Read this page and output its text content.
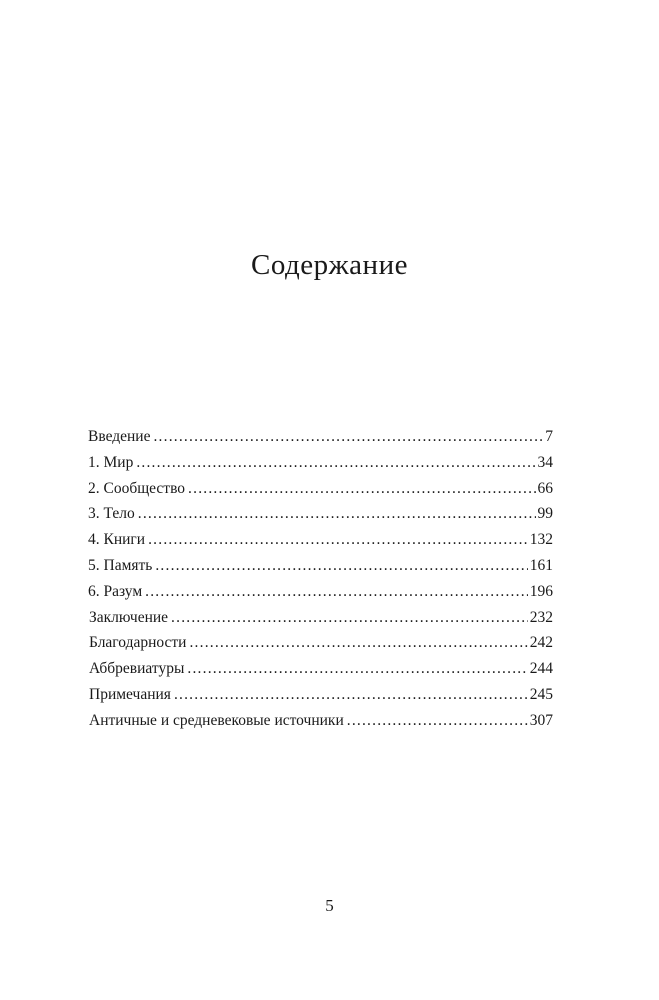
Содержание
Введение .....	7
1. Мир .....	34
2. Сообщество .....	66
3. Тело .....	99
4. Книги .....	132
5. Память .....	161
6. Разум .....	196
Заключение .....	232
Благодарности .....	242
Аббревиатуры .....	244
Примечания .....	245
Античные и средневековые источники .....	307
5
